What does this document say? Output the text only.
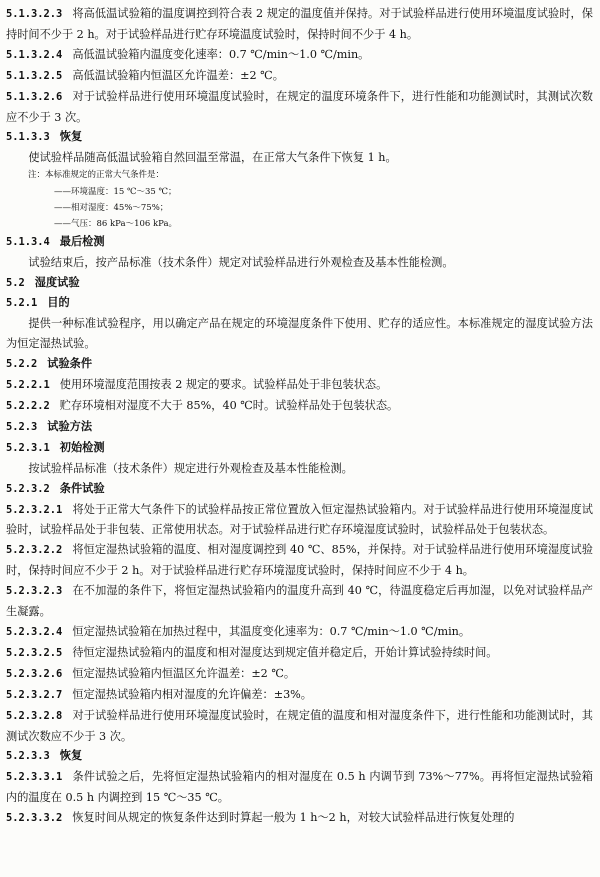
5.1.3.2.3 将高低温试验箱的温度调控到符合表 2 规定的温度值并保持。对于试验样品进行使用环境温度试验时，保持时间不少于 2 h。对于试验样品进行贮存环境温度试验时，保持时间不少于 4 h。

5.1.3.2.4 高低温试验箱内温度变化速率：0.7 ℃/min～1.0 ℃/min。

5.1.3.2.5 高低温试验箱内恒温区允许温差：±2 ℃。

5.1.3.2.6 对于试验样品进行使用环境温度试验时，在规定的温度环境条件下，进行性能和功能测试时，其测试次数应不少于 3 次。

5.1.3.3 恢复

使试验样品随高低温试验箱自然回温至常温，在正常大气条件下恢复 1 h。

注：本标准规定的正常大气条件是：

——环境温度：15 ℃～35 ℃；

——相对湿度：45%～75%；

——气压：86 kPa～106 kPa。

5.1.3.4 最后检测

试验结束后，按产品标准（技术条件）规定对试验样品进行外观检查及基本性能检测。

5.2 湿度试验

5.2.1 目的

提供一种标准试验程序，用以确定产品在规定的环境湿度条件下使用、贮存的适应性。本标准规定的湿度试验方法为恒定湿热试验。

5.2.2 试验条件

5.2.2.1 使用环境湿度范围按表 2 规定的要求。试验样品处于非包装状态。

5.2.2.2 贮存环境相对湿度不大于 85%，40 ℃时。试验样品处于包装状态。

5.2.3 试验方法

5.2.3.1 初始检测

按试验样品标准（技术条件）规定进行外观检查及基本性能检测。

5.2.3.2 条件试验

5.2.3.2.1 将处于正常大气条件下的试验样品按正常位置放入恒定湿热试验箱内。对于试验样品进行使用环境湿度试验时，试验样品处于非包装、正常使用状态。对于试验样品进行贮存环境湿度试验时，试验样品处于包装状态。

5.2.3.2.2 将恒定湿热试验箱的温度、相对湿度调控到 40 ℃、85%，并保持。对于试验样品进行使用环境湿度试验时，保持时间应不少于 2 h。对于试验样品进行贮存环境湿度试验时，保持时间应不少于 4 h。

5.2.3.2.3 在不加湿的条件下，将恒定湿热试验箱内的温度升高到 40 ℃，待温度稳定后再加湿，以免对试验样品产生凝露。

5.2.3.2.4 恒定湿热试验箱在加热过程中，其温度变化速率为：0.7 ℃/min～1.0 ℃/min。

5.2.3.2.5 待恒定湿热试验箱内的温度和相对湿度达到规定值并稳定后，开始计算试验持续时间。

5.2.3.2.6 恒定湿热试验箱内恒温区允许温差：±2 ℃。

5.2.3.2.7 恒定湿热试验箱内相对湿度的允许偏差：±3%。

5.2.3.2.8 对于试验样品进行使用环境湿度试验时，在规定值的温度和相对湿度条件下，进行性能和功能测试时，其测试次数应不少于 3 次。

5.2.3.3 恢复

5.2.3.3.1 条件试验之后，先将恒定湿热试验箱内的相对湿度在 0.5 h 内调节到 73%～77%。再将恒定湿热试验箱内的温度在 0.5 h 内调控到 15 ℃～35 ℃。

5.2.3.3.2 恢复时间从规定的恢复条件达到时算起一般为 1 h～2 h，对较大试验样品进行恢复处理的
